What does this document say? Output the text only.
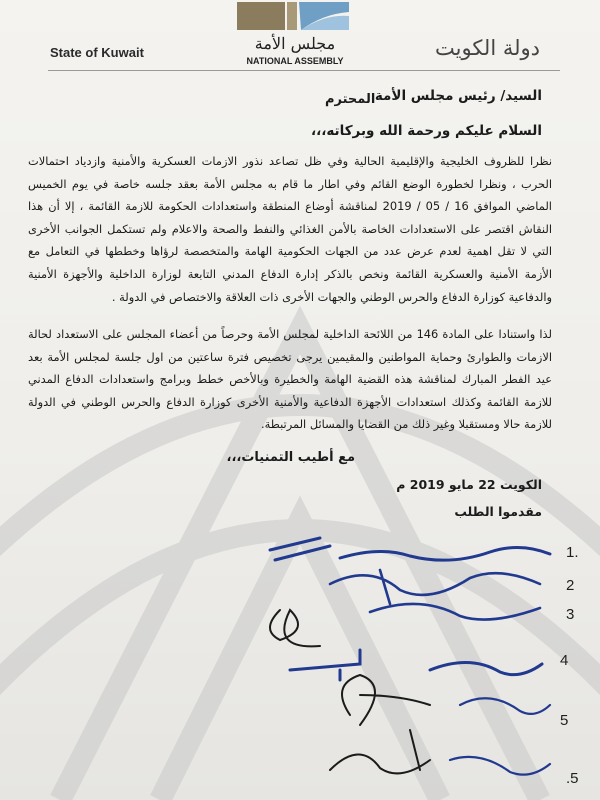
مجلس الأمة
NATIONAL ASSEMBLY
State of Kuwait	دولة الكويت
السيد/ رئيس مجلس الأمة
المحترم
السلام عليكم ورحمة الله وبركاته،،،
نظرا للظروف الخليجية والإقليمية الحالية وفي ظل تصاعد نذور الازمات العسكرية والأمنية وازدياد احتمالات الحرب ، ونظرا لخطورة الوضع القائم وفي اطار ما قام به مجلس الأمة بعقد جلسه خاصة في يوم الخميس الماضي الموافق 16 / 05 / 2019 لمناقشة أوضاع المنطقة واستعدادات الحكومة للازمة القائمة ، إلا أن هذا النقاش اقتصر على الاستعدادات الخاصة بالأمن الغذائي والنفط والصحة والاعلام ولم تستكمل الجوانب الأخرى التي لا تقل اهمية لعدم عرض عدد من الجهات الحكومية الهامة والمتخصصة لرؤاها وخططها في التعامل مع الأزمة الأمنية والعسكرية القائمة ونخص بالذكر إدارة الدفاع المدني التابعة لوزارة الداخلية والأجهزة الأمنية والدفاعية كوزارة الدفاع والحرس الوطني والجهات الأخرى ذات العلاقة والاختصاص في الدولة .
لذا واستنادا على المادة 146 من اللائحة الداخلية لمجلس الأمة وحرصاً من أعضاء المجلس على الاستعداد لحالة الازمات والطوارئ وحماية المواطنين والمقيمين يرجى تخصيص فترة ساعتين من اول جلسة لمجلس الأمة بعد عيد الفطر المبارك لمناقشة هذه القضية الهامة والخطيرة وبالأخص خطط وبرامج واستعدادات الدفاع المدني للازمة القائمة وكذلك استعدادات الأجهزة الدفاعية والأمنية الأخرى كوزارة الدفاع والحرس الوطني في الدولة للازمة حالا ومستقبلا وغير ذلك من القضايا والمسائل المرتبطة.
مع أطيب التمنيات،،،
الكويت 22 مايو 2019 م
مقدموا الطلب
1.
2
3
4
5
.5
